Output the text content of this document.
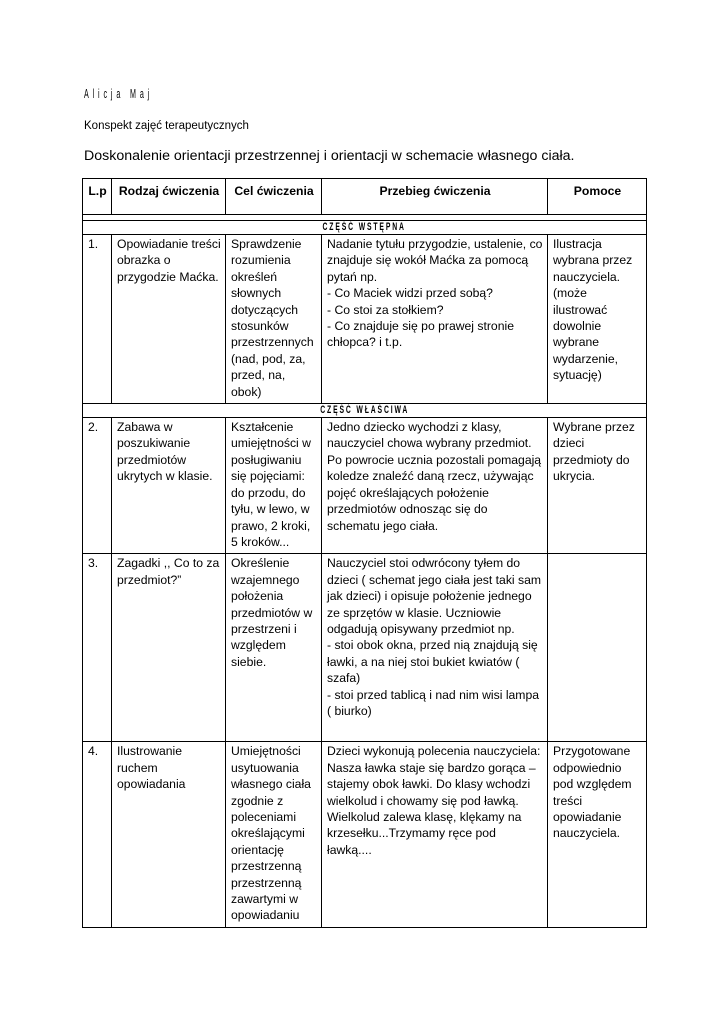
Alicja Maj
Konspekt zajęć terapeutycznych
Doskonalenie orientacji przestrzennej i orientacji w schemacie własnego ciała.
L.p	Rodzaj ćwiczenia	Cel ćwiczenia	Przebieg ćwiczenia	Pomoce

CZĘŚĆ WSTĘPNA				
1.	Opowiadanie treści obrazka o przygodzie Maćka.	Sprawdzenie rozumienia określeń słownych dotyczących stosunków przestrzennych (nad, pod, za, przed, na, obok)	Nadanie tytułu przygodzie, ustalenie, co znajduje się wokół Maćka za pomocą pytań np.
- Co Maciek widzi przed sobą?
- Co stoi za stołkiem?
- Co znajduje się po prawej stronie chłopca? i t.p.	Ilustracja wybrana przez nauczyciela. (może ilustrować dowolnie wybrane wydarzenie, sytuację)
CZĘŚĆ WŁAŚCIWA				
2.	Zabawa w poszukiwanie przedmiotów ukrytych w klasie.	Kształcenie umiejętności w posługiwaniu się pojęciami: do przodu, do tyłu, w lewo, w prawo, 2 kroki, 5 kroków...	Jedno dziecko wychodzi z klasy, nauczyciel chowa wybrany przedmiot. Po powrocie ucznia pozostali pomagają koledze znaleźć daną rzecz, używając pojęć określających położenie przedmiotów odnosząc się do schematu jego ciała.	Wybrane przez dzieci przedmioty do ukrycia.
3.	Zagadki ,, Co to za przedmiot?”	Określenie wzajemnego położenia przedmiotów w przestrzeni i względem siebie.	Nauczyciel stoi odwrócony tyłem do dzieci ( schemat jego ciała jest taki sam jak dzieci) i opisuje położenie jednego ze sprzętów w klasie. Uczniowie odgadują opisywany przedmiot np.
- stoi obok okna, przed nią znajdują się ławki, a na niej stoi bukiet kwiatów ( szafa)
- stoi przed tablicą i nad nim wisi lampa ( biurko)	
4.	Ilustrowanie ruchem opowiadania	Umiejętności usytuowania własnego ciała zgodnie z poleceniami określającymi orientację przestrzenną przestrzenną zawartymi w opowiadaniu	Dzieci wykonują polecenia nauczyciela:
Nasza ławka staje się bardzo gorąca – stajemy obok ławki. Do klasy wchodzi wielkolud i chowamy się pod ławką. Wielkolud zalewa klasę, klękamy na krzesełku...Trzymamy ręce pod ławką....	Przygotowane odpowiednio pod względem treści opowiadanie nauczyciela.
